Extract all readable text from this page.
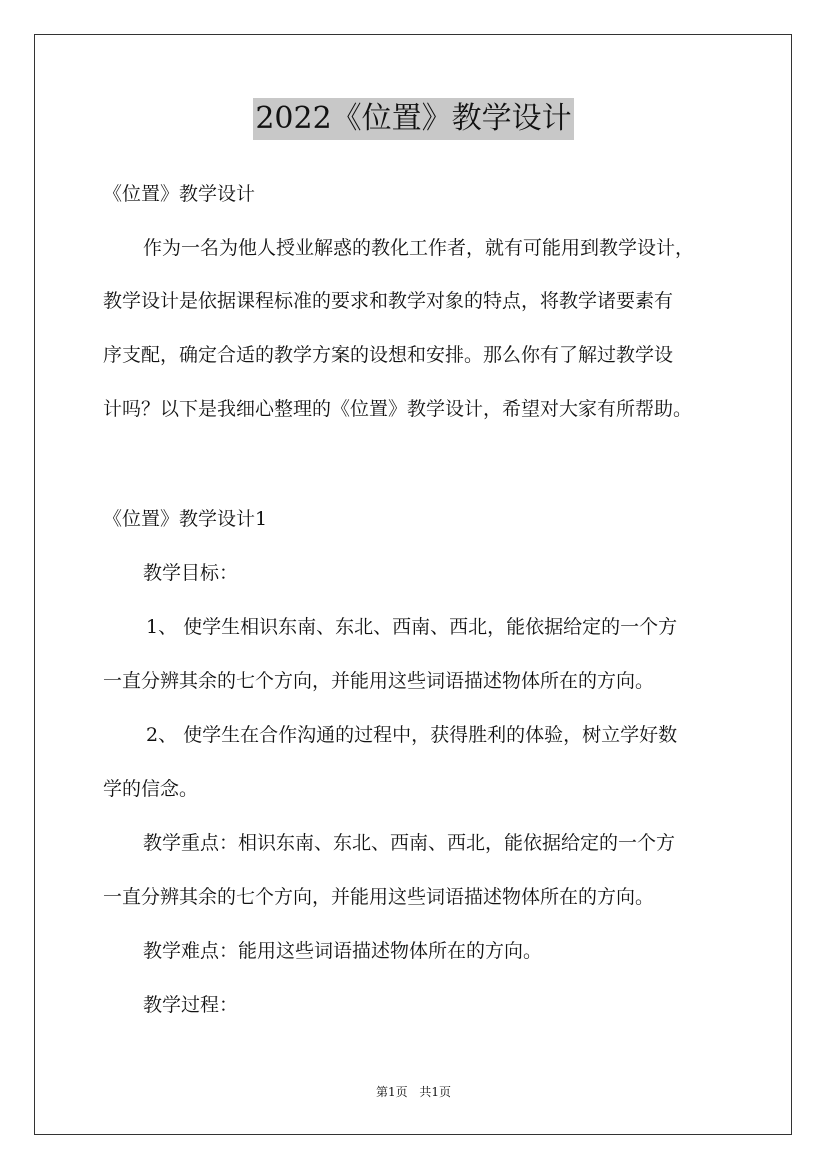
2022《位置》教学设计
《位置》教学设计
作为一名为他人授业解惑的教化工作者，就有可能用到教学设计，
教学设计是依据课程标准的要求和教学对象的特点，将教学诸要素有
序支配，确定合适的教学方案的设想和安排。那么你有了解过教学设
计吗？以下是我细心整理的《位置》教学设计，希望对大家有所帮助。
《位置》教学设计1
教学目标：
1、 使学生相识东南、东北、西南、西北，能依据给定的一个方
一直分辨其余的七个方向，并能用这些词语描述物体所在的方向。
2、 使学生在合作沟通的过程中，获得胜利的体验，树立学好数
学的信念。
教学重点：相识东南、东北、西南、西北，能依据给定的一个方
一直分辨其余的七个方向，并能用这些词语描述物体所在的方向。
教学难点：能用这些词语描述物体所在的方向。
教学过程：
第1页 共1页
